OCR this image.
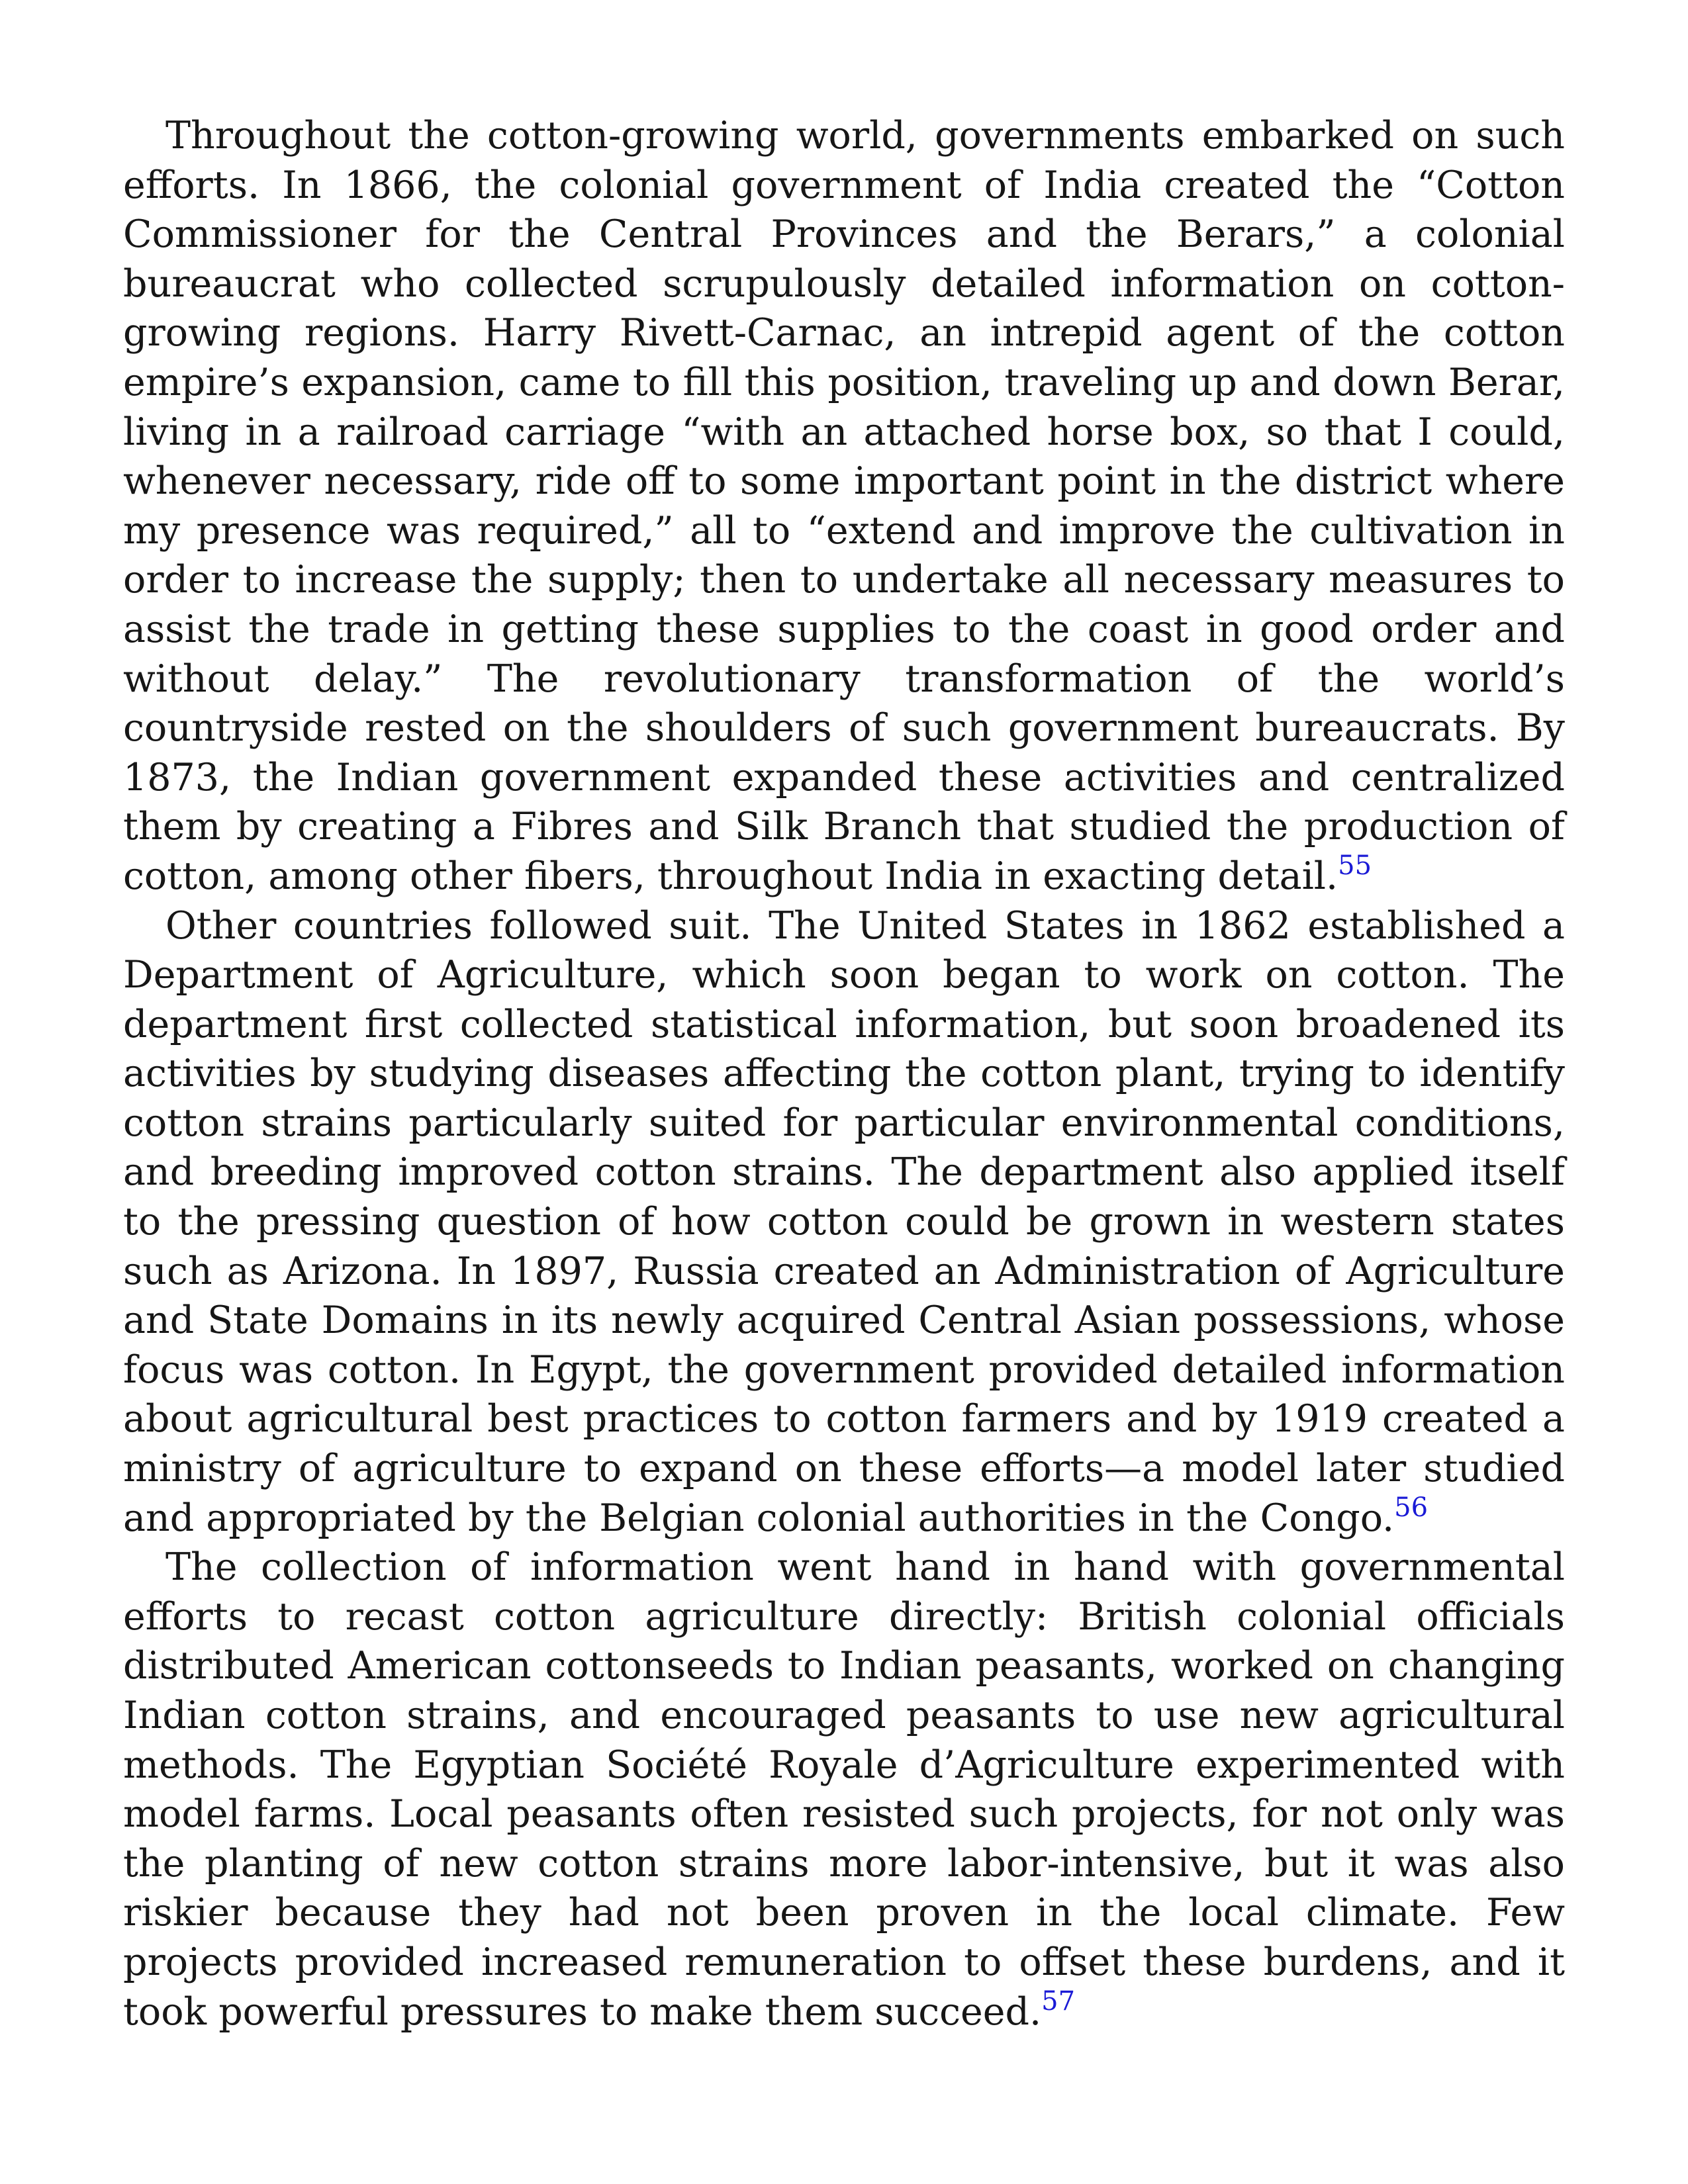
Throughout the cotton-growing world, governments embarked on such efforts. In 1866, the colonial government of India created the “Cotton Commissioner for the Central Provinces and the Berars,” a colonial bureaucrat who collected scrupulously detailed information on cotton-growing regions. Harry Rivett-Carnac, an intrepid agent of the cotton empire’s expansion, came to fill this position, traveling up and down Berar, living in a railroad carriage “with an attached horse box, so that I could, whenever necessary, ride off to some important point in the district where my presence was required,” all to “extend and improve the cultivation in order to increase the supply; then to undertake all necessary measures to assist the trade in getting these supplies to the coast in good order and without delay.” The revolutionary transformation of the world’s countryside rested on the shoulders of such government bureaucrats. By 1873, the Indian government expanded these activities and centralized them by creating a Fibres and Silk Branch that studied the production of cotton, among other fibers, throughout India in exacting detail.$^{55}$

Other countries followed suit. The United States in 1862 established a Department of Agriculture, which soon began to work on cotton. The department first collected statistical information, but soon broadened its activities by studying diseases affecting the cotton plant, trying to identify cotton strains particularly suited for particular environmental conditions, and breeding improved cotton strains. The department also applied itself to the pressing question of how cotton could be grown in western states such as Arizona. In 1897, Russia created an Administration of Agriculture and State Domains in its newly acquired Central Asian possessions, whose focus was cotton. In Egypt, the government provided detailed information about agricultural best practices to cotton farmers and by 1919 created a ministry of agriculture to expand on these efforts—a model later studied and appropriated by the Belgian colonial authorities in the Congo.$^{56}$

The collection of information went hand in hand with governmental efforts to recast cotton agriculture directly: British colonial officials distributed American cottonseeds to Indian peasants, worked on changing Indian cotton strains, and encouraged peasants to use new agricultural methods. The Egyptian Société Royale d’Agriculture experimented with model farms. Local peasants often resisted such projects, for not only was the planting of new cotton strains more labor-intensive, but it was also riskier because they had not been proven in the local climate. Few projects provided increased remuneration to offset these burdens, and it took powerful pressures to make them succeed.$^{57}$
